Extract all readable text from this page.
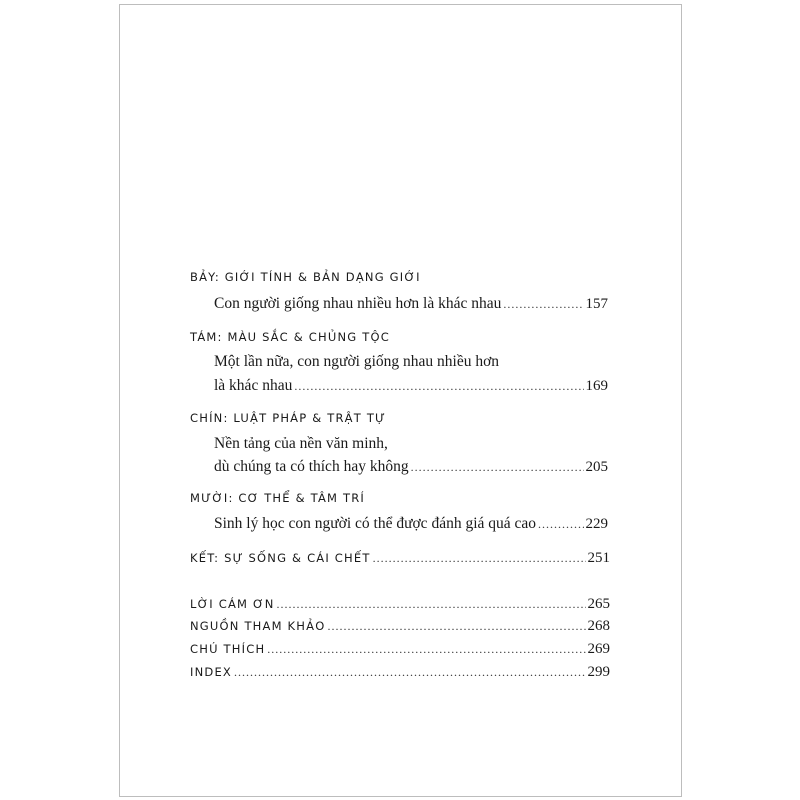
BẢY: GIỚI TÍNH & BẢN DẠNG GIỚI
Con người giống nhau nhiều hơn là khác nhau .....	157
TÁM: MÀU SẮC & CHỦNG TỘC
Một lần nữa, con người giống nhau nhiều hơn
là khác nhau .....	169
CHÍN: LUẬT PHÁP & TRẬT TỰ
Nền tảng của nền văn minh,
dù chúng ta có thích hay không .....	205
MƯỜI: CƠ THỂ & TÂM TRÍ
Sinh lý học con người có thể được đánh giá quá cao .....	229
KẾT: SỰ SỐNG & CÁI CHẾT .....	251
LỜI CÁM ƠN .....	265
NGUỒN THAM KHẢO .....	268
CHÚ THÍCH .....	269
INDEX .....	299
